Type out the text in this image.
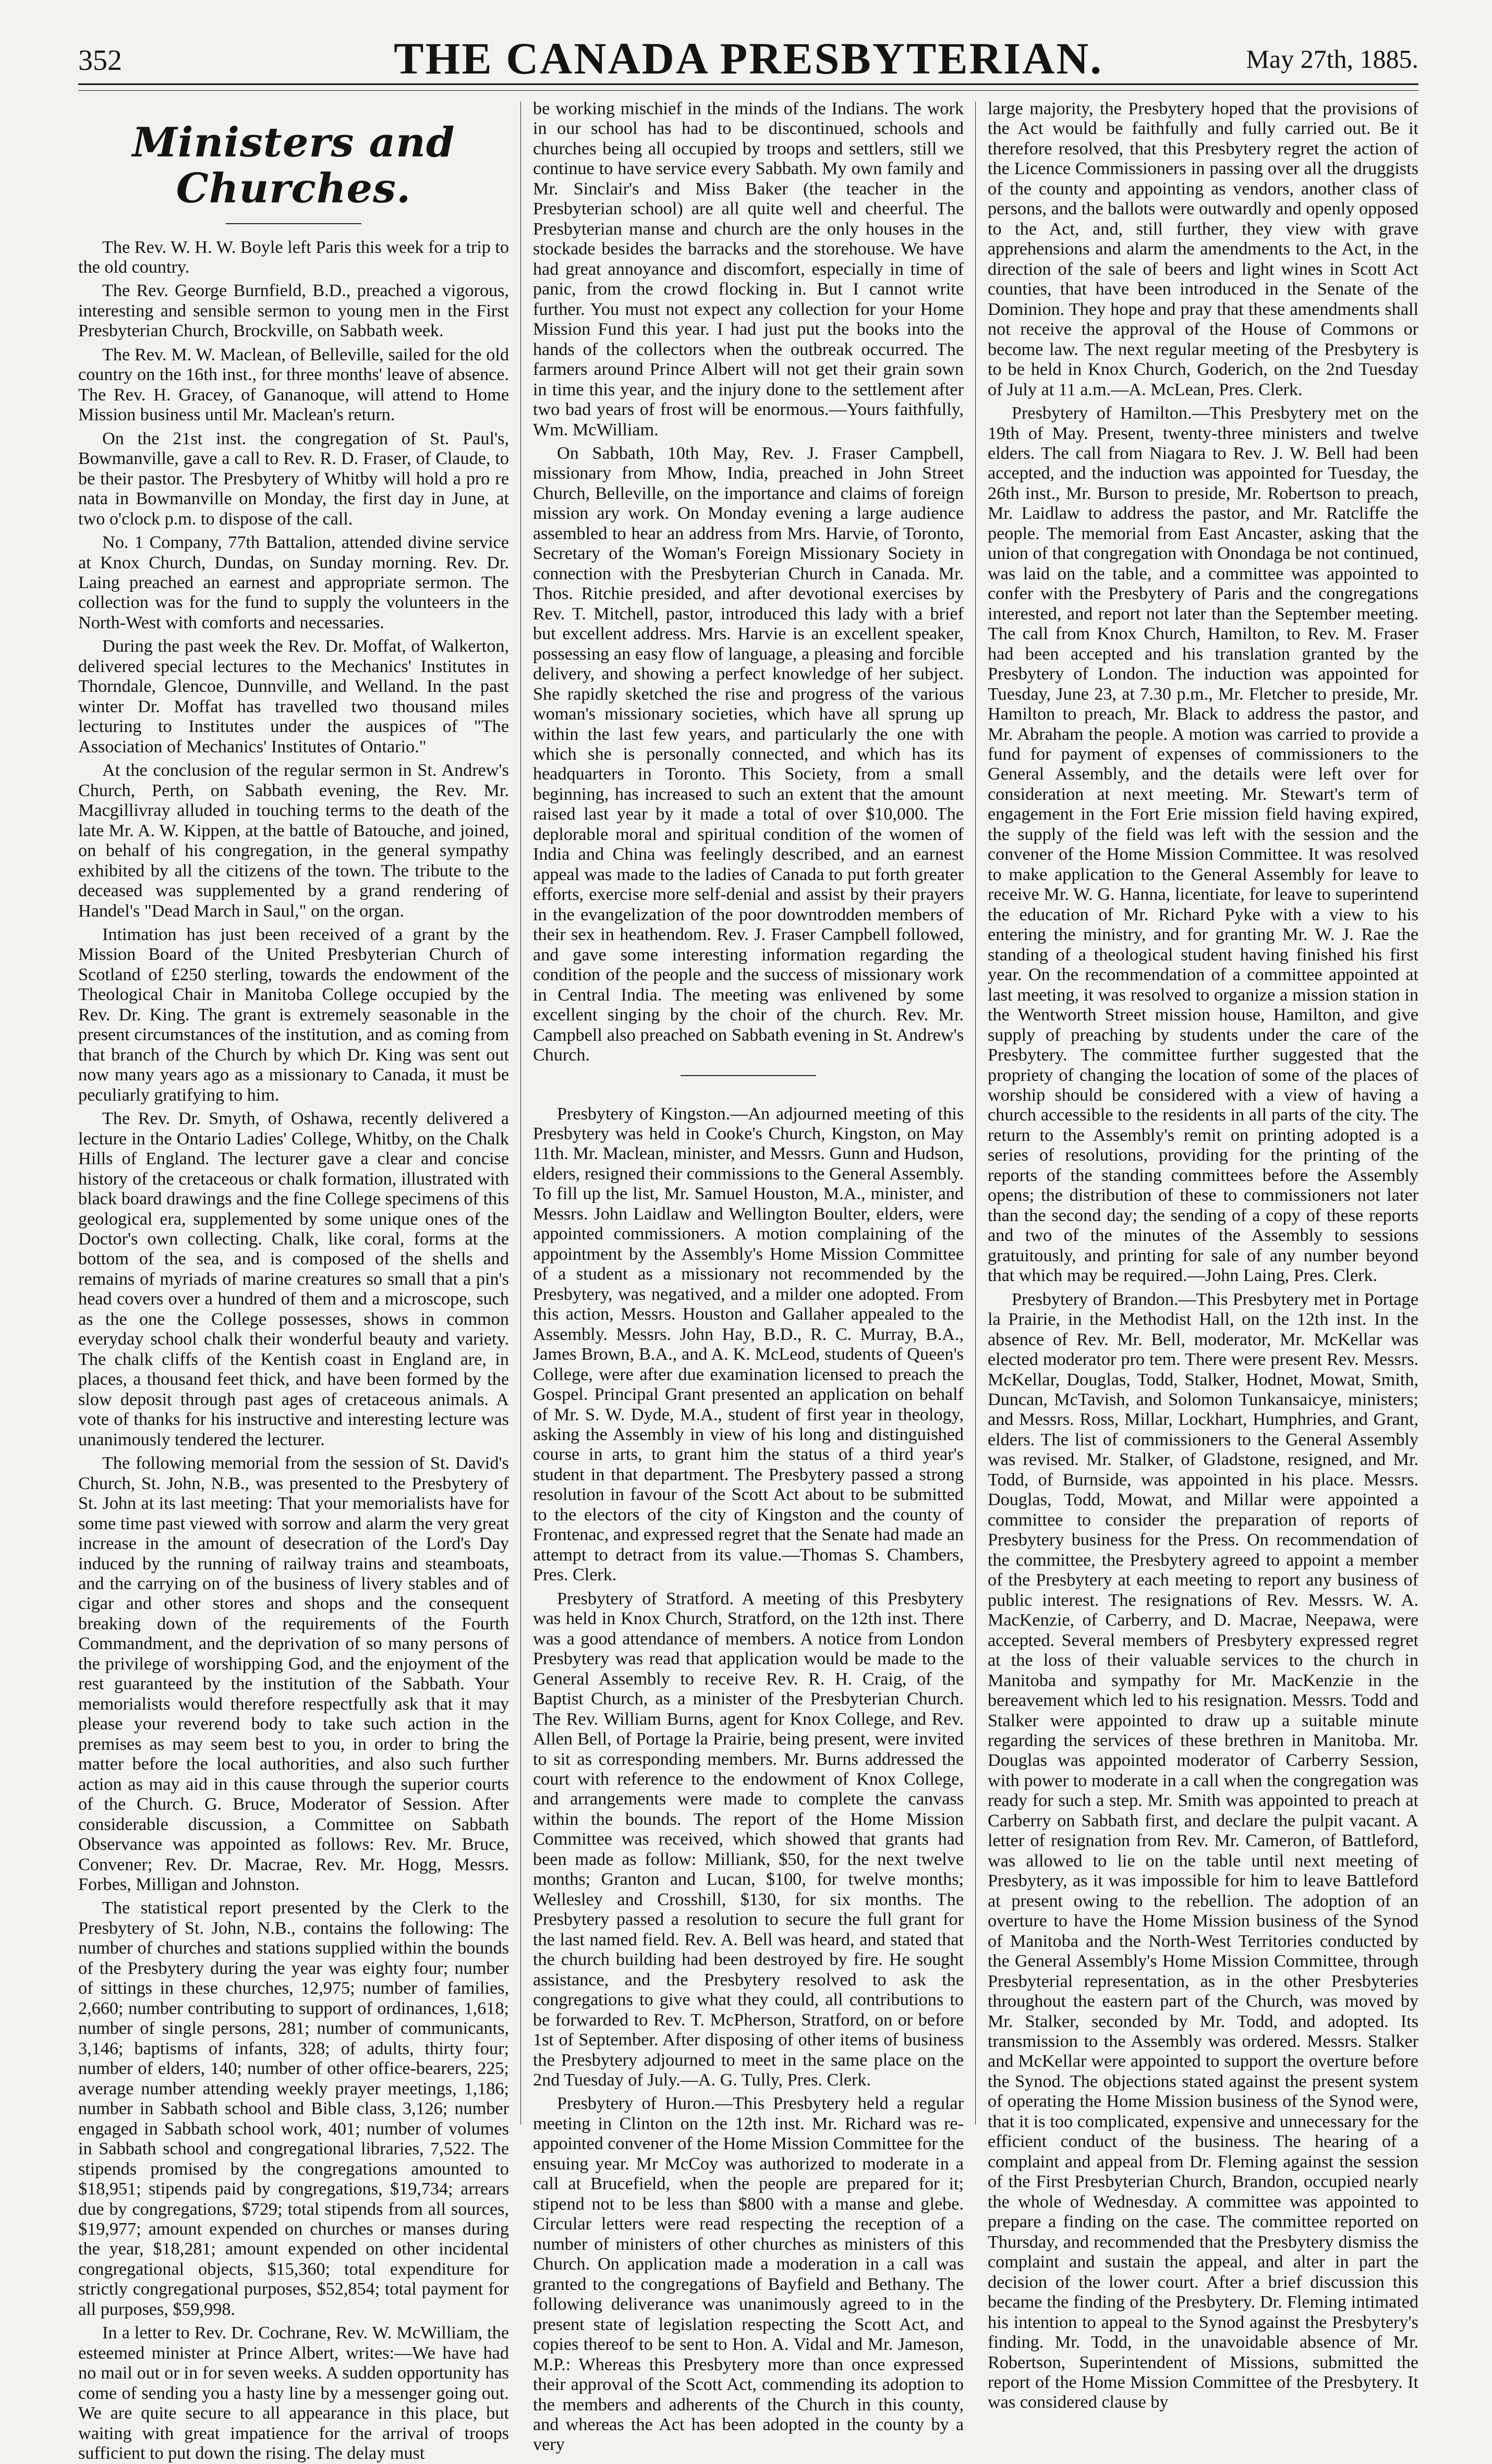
352	THE CANADA PRESBYTERIAN.	May 27th, 1885.
Ministers and Churches.

The Rev. W. H. W. Boyle left Paris this week for a trip to the old country.

The Rev. George Burnfield, B.D., preached a vigorous, interesting and sensible sermon to young men in the First Presbyterian Church, Brockville, on Sabbath week.

The Rev. M. W. Maclean, of Belleville, sailed for the old country on the 16th inst., for three months' leave of absence. The Rev. H. Gracey, of Gananoque, will attend to Home Mission business until Mr. Maclean's return.

On the 21st inst. the congregation of St. Paul's, Bowmanville, gave a call to Rev. R. D. Fraser, of Claude, to be their pastor. The Presbytery of Whitby will hold a pro re nata in Bowmanville on Monday, the first day in June, at two o'clock p.m. to dispose of the call.

No. 1 Company, 77th Battalion, attended divine service at Knox Church, Dundas, on Sunday morning. Rev. Dr. Laing preached an earnest and appropriate sermon. The collection was for the fund to supply the volunteers in the North-West with comforts and necessaries.

During the past week the Rev. Dr. Moffat, of Walkerton, delivered special lectures to the Mechanics' Institutes in Thorndale, Glencoe, Dunnville, and Welland. In the past winter Dr. Moffat has travelled two thousand miles lecturing to Institutes under the auspices of "The Association of Mechanics' Institutes of Ontario."

At the conclusion of the regular sermon in St. Andrew's Church, Perth, on Sabbath evening, the Rev. Mr. Macgillivray alluded in touching terms to the death of the late Mr. A. W. Kippen, at the battle of Batouche, and joined, on behalf of his congregation, in the general sympathy exhibited by all the citizens of the town. The tribute to the deceased was supplemented by a grand rendering of Handel's "Dead March in Saul," on the organ.

Intimation has just been received of a grant by the Mission Board of the United Presbyterian Church of Scotland of £250 sterling, towards the endowment of the Theological Chair in Manitoba College occupied by the Rev. Dr. King. The grant is extremely seasonable in the present circumstances of the institution, and as coming from that branch of the Church by which Dr. King was sent out now many years ago as a missionary to Canada, it must be peculiarly gratifying to him.

The Rev. Dr. Smyth, of Oshawa, recently delivered a lecture in the Ontario Ladies' College, Whitby, on the Chalk Hills of England. The lecturer gave a clear and concise history of the cretaceous or chalk formation, illustrated with black board drawings and the fine College specimens of this geological era, supplemented by some unique ones of the Doctor's own collecting. Chalk, like coral, forms at the bottom of the sea, and is composed of the shells and remains of myriads of marine creatures so small that a pin's head covers over a hundred of them and a microscope, such as the one the College possesses, shows in common everyday school chalk their wonderful beauty and variety. The chalk cliffs of the Kentish coast in England are, in places, a thousand feet thick, and have been formed by the slow deposit through past ages of cretaceous animals. A vote of thanks for his instructive and interesting lecture was unanimously tendered the lecturer.

The following memorial from the session of St. David's Church, St. John, N.B., was presented to the Presbytery of St. John at its last meeting: That your memorialists have for some time past viewed with sorrow and alarm the very great increase in the amount of desecration of the Lord's Day induced by the running of railway trains and steamboats, and the carrying on of the business of livery stables and of cigar and other stores and shops and the consequent breaking down of the requirements of the Fourth Commandment, and the deprivation of so many persons of the privilege of worshipping God, and the enjoyment of the rest guaranteed by the institution of the Sabbath. Your memorialists would therefore respectfully ask that it may please your reverend body to take such action in the premises as may seem best to you, in order to bring the matter before the local authorities, and also such further action as may aid in this cause through the superior courts of the Church. G. Bruce, Moderator of Session. After considerable discussion, a Committee on Sabbath Observance was appointed as follows: Rev. Mr. Bruce, Convener; Rev. Dr. Macrae, Rev. Mr. Hogg, Messrs. Forbes, Milligan and Johnston.

The statistical report presented by the Clerk to the Presbytery of St. John, N.B., contains the following: The number of churches and stations supplied within the bounds of the Presbytery during the year was eighty four; number of sittings in these churches, 12,975; number of families, 2,660; number contributing to support of ordinances, 1,618; number of single persons, 281; number of communicants, 3,146; baptisms of infants, 328; of adults, thirty four; number of elders, 140; number of other office-bearers, 225; average number attending weekly prayer meetings, 1,186; number in Sabbath school and Bible class, 3,126; number engaged in Sabbath school work, 401; number of volumes in Sabbath school and congregational libraries, 7,522. The stipends promised by the congregations amounted to $18,951; stipends paid by congregations, $19,734; arrears due by congregations, $729; total stipends from all sources, $19,977; amount expended on churches or manses during the year, $18,281; amount expended on other incidental congregational objects, $15,360; total expenditure for strictly congregational purposes, $52,854; total payment for all purposes, $59,998.

In a letter to Rev. Dr. Cochrane, Rev. W. McWilliam, the esteemed minister at Prince Albert, writes:—We have had no mail out or in for seven weeks. A sudden opportunity has come of sending you a hasty line by a messenger going out. We are quite secure to all appearance in this place, but waiting with great impatience for the arrival of troops sufficient to put down the rising. The delay must

be working mischief in the minds of the Indians. The work in our school has had to be discontinued, schools and churches being all occupied by troops and settlers, still we continue to have service every Sabbath. My own family and Mr. Sinclair's and Miss Baker (the teacher in the Presbyterian school) are all quite well and cheerful. The Presbyterian manse and church are the only houses in the stockade besides the barracks and the storehouse. We have had great annoyance and discomfort, especially in time of panic, from the crowd flocking in. But I cannot write further. You must not expect any collection for your Home Mission Fund this year. I had just put the books into the hands of the collectors when the outbreak occurred. The farmers around Prince Albert will not get their grain sown in time this year, and the injury done to the settlement after two bad years of frost will be enormous.—Yours faithfully, Wm. McWilliam.

On Sabbath, 10th May, Rev. J. Fraser Campbell, missionary from Mhow, India, preached in John Street Church, Belleville, on the importance and claims of foreign mission ary work. On Monday evening a large audience assembled to hear an address from Mrs. Harvie, of Toronto, Secretary of the Woman's Foreign Missionary Society in connection with the Presbyterian Church in Canada. Mr. Thos. Ritchie presided, and after devotional exercises by Rev. T. Mitchell, pastor, introduced this lady with a brief but excellent address. Mrs. Harvie is an excellent speaker, possessing an easy flow of language, a pleasing and forcible delivery, and showing a perfect knowledge of her subject. She rapidly sketched the rise and progress of the various woman's missionary societies, which have all sprung up within the last few years, and particularly the one with which she is personally connected, and which has its headquarters in Toronto. This Society, from a small beginning, has increased to such an extent that the amount raised last year by it made a total of over $10,000. The deplorable moral and spiritual condition of the women of India and China was feelingly described, and an earnest appeal was made to the ladies of Canada to put forth greater efforts, exercise more self-denial and assist by their prayers in the evangelization of the poor downtrodden members of their sex in heathendom. Rev. J. Fraser Campbell followed, and gave some interesting information regarding the condition of the people and the success of missionary work in Central India. The meeting was enlivened by some excellent singing by the choir of the church. Rev. Mr. Campbell also preached on Sabbath evening in St. Andrew's Church.

Presbytery of Kingston.—An adjourned meeting of this Presbytery was held in Cooke's Church, Kingston, on May 11th. Mr. Maclean, minister, and Messrs. Gunn and Hudson, elders, resigned their commissions to the General Assembly. To fill up the list, Mr. Samuel Houston, M.A., minister, and Messrs. John Laidlaw and Wellington Boulter, elders, were appointed commissioners. A motion complaining of the appointment by the Assembly's Home Mission Committee of a student as a missionary not recommended by the Presbytery, was negatived, and a milder one adopted. From this action, Messrs. Houston and Gallaher appealed to the Assembly. Messrs. John Hay, B.D., R. C. Murray, B.A., James Brown, B.A., and A. K. McLeod, students of Queen's College, were after due examination licensed to preach the Gospel. Principal Grant presented an application on behalf of Mr. S. W. Dyde, M.A., student of first year in theology, asking the Assembly in view of his long and distinguished course in arts, to grant him the status of a third year's student in that department. The Presbytery passed a strong resolution in favour of the Scott Act about to be submitted to the electors of the city of Kingston and the county of Frontenac, and expressed regret that the Senate had made an attempt to detract from its value.—Thomas S. Chambers, Pres. Clerk.

Presbytery of Stratford. A meeting of this Presbytery was held in Knox Church, Stratford, on the 12th inst. There was a good attendance of members. A notice from London Presbytery was read that application would be made to the General Assembly to receive Rev. R. H. Craig, of the Baptist Church, as a minister of the Presbyterian Church. The Rev. William Burns, agent for Knox College, and Rev. Allen Bell, of Portage la Prairie, being present, were invited to sit as corresponding members. Mr. Burns addressed the court with reference to the endowment of Knox College, and arrangements were made to complete the canvass within the bounds. The report of the Home Mission Committee was received, which showed that grants had been made as follow: Milliank, $50, for the next twelve months; Granton and Lucan, $100, for twelve months; Wellesley and Crosshill, $130, for six months. The Presbytery passed a resolution to secure the full grant for the last named field. Rev. A. Bell was heard, and stated that the church building had been destroyed by fire. He sought assistance, and the Presbytery resolved to ask the congregations to give what they could, all contributions to be forwarded to Rev. T. McPherson, Stratford, on or before 1st of September. After disposing of other items of business the Presbytery adjourned to meet in the same place on the 2nd Tuesday of July.—A. G. Tully, Pres. Clerk.

Presbytery of Huron.—This Presbytery held a regular meeting in Clinton on the 12th inst. Mr. Richard was re-appointed convener of the Home Mission Committee for the ensuing year. Mr McCoy was authorized to moderate in a call at Brucefield, when the people are prepared for it; stipend not to be less than $800 with a manse and glebe. Circular letters were read respecting the reception of a number of ministers of other churches as ministers of this Church. On application made a moderation in a call was granted to the congregations of Bayfield and Bethany. The following deliverance was unanimously agreed to in the present state of legislation respecting the Scott Act, and copies thereof to be sent to Hon. A. Vidal and Mr. Jameson, M.P.: Whereas this Presbytery more than once expressed their approval of the Scott Act, commending its adoption to the members and adherents of the Church in this county, and whereas the Act has been adopted in the county by a very

large majority, the Presbytery hoped that the provisions of the Act would be faithfully and fully carried out. Be it therefore resolved, that this Presbytery regret the action of the Licence Commissioners in passing over all the druggists of the county and appointing as vendors, another class of persons, and the ballots were outwardly and openly opposed to the Act, and, still further, they view with grave apprehensions and alarm the amendments to the Act, in the direction of the sale of beers and light wines in Scott Act counties, that have been introduced in the Senate of the Dominion. They hope and pray that these amendments shall not receive the approval of the House of Commons or become law. The next regular meeting of the Presbytery is to be held in Knox Church, Goderich, on the 2nd Tuesday of July at 11 a.m.—A. McLean, Pres. Clerk.

Presbytery of Hamilton.—This Presbytery met on the 19th of May. Present, twenty-three ministers and twelve elders. The call from Niagara to Rev. J. W. Bell had been accepted, and the induction was appointed for Tuesday, the 26th inst., Mr. Burson to preside, Mr. Robertson to preach, Mr. Laidlaw to address the pastor, and Mr. Ratcliffe the people. The memorial from East Ancaster, asking that the union of that congregation with Onondaga be not continued, was laid on the table, and a committee was appointed to confer with the Presbytery of Paris and the congregations interested, and report not later than the September meeting. The call from Knox Church, Hamilton, to Rev. M. Fraser had been accepted and his translation granted by the Presbytery of London. The induction was appointed for Tuesday, June 23, at 7.30 p.m., Mr. Fletcher to preside, Mr. Hamilton to preach, Mr. Black to address the pastor, and Mr. Abraham the people. A motion was carried to provide a fund for payment of expenses of commissioners to the General Assembly, and the details were left over for consideration at next meeting. Mr. Stewart's term of engagement in the Fort Erie mission field having expired, the supply of the field was left with the session and the convener of the Home Mission Committee. It was resolved to make application to the General Assembly for leave to receive Mr. W. G. Hanna, licentiate, for leave to superintend the education of Mr. Richard Pyke with a view to his entering the ministry, and for granting Mr. W. J. Rae the standing of a theological student having finished his first year. On the recommendation of a committee appointed at last meeting, it was resolved to organize a mission station in the Wentworth Street mission house, Hamilton, and give supply of preaching by students under the care of the Presbytery. The committee further suggested that the propriety of changing the location of some of the places of worship should be considered with a view of having a church accessible to the residents in all parts of the city. The return to the Assembly's remit on printing adopted is a series of resolutions, providing for the printing of the reports of the standing committees before the Assembly opens; the distribution of these to commissioners not later than the second day; the sending of a copy of these reports and two of the minutes of the Assembly to sessions gratuitously, and printing for sale of any number beyond that which may be required.—John Laing, Pres. Clerk.

Presbytery of Brandon.—This Presbytery met in Portage la Prairie, in the Methodist Hall, on the 12th inst. In the absence of Rev. Mr. Bell, moderator, Mr. McKellar was elected moderator pro tem. There were present Rev. Messrs. McKellar, Douglas, Todd, Stalker, Hodnet, Mowat, Smith, Duncan, McTavish, and Solomon Tunkansaicye, ministers; and Messrs. Ross, Millar, Lockhart, Humphries, and Grant, elders. The list of commissioners to the General Assembly was revised. Mr. Stalker, of Gladstone, resigned, and Mr. Todd, of Burnside, was appointed in his place. Messrs. Douglas, Todd, Mowat, and Millar were appointed a committee to consider the preparation of reports of Presbytery business for the Press. On recommendation of the committee, the Presbytery agreed to appoint a member of the Presbytery at each meeting to report any business of public interest. The resignations of Rev. Messrs. W. A. MacKenzie, of Carberry, and D. Macrae, Neepawa, were accepted. Several members of Presbytery expressed regret at the loss of their valuable services to the church in Manitoba and sympathy for Mr. MacKenzie in the bereavement which led to his resignation. Messrs. Todd and Stalker were appointed to draw up a suitable minute regarding the services of these brethren in Manitoba. Mr. Douglas was appointed moderator of Carberry Session, with power to moderate in a call when the congregation was ready for such a step. Mr. Smith was appointed to preach at Carberry on Sabbath first, and declare the pulpit vacant. A letter of resignation from Rev. Mr. Cameron, of Battleford, was allowed to lie on the table until next meeting of Presbytery, as it was impossible for him to leave Battleford at present owing to the rebellion. The adoption of an overture to have the Home Mission business of the Synod of Manitoba and the North-West Territories conducted by the General Assembly's Home Mission Committee, through Presbyterial representation, as in the other Presbyteries throughout the eastern part of the Church, was moved by Mr. Stalker, seconded by Mr. Todd, and adopted. Its transmission to the Assembly was ordered. Messrs. Stalker and McKellar were appointed to support the overture before the Synod. The objections stated against the present system of operating the Home Mission business of the Synod were, that it is too complicated, expensive and unnecessary for the efficient conduct of the business. The hearing of a complaint and appeal from Dr. Fleming against the session of the First Presbyterian Church, Brandon, occupied nearly the whole of Wednesday. A committee was appointed to prepare a finding on the case. The committee reported on Thursday, and recommended that the Presbytery dismiss the complaint and sustain the appeal, and alter in part the decision of the lower court. After a brief discussion this became the finding of the Presbytery. Dr. Fleming intimated his intention to appeal to the Synod against the Presbytery's finding. Mr. Todd, in the unavoidable absence of Mr. Robertson, Superintendent of Missions, submitted the report of the Home Mission Committee of the Presbytery. It was considered clause by
